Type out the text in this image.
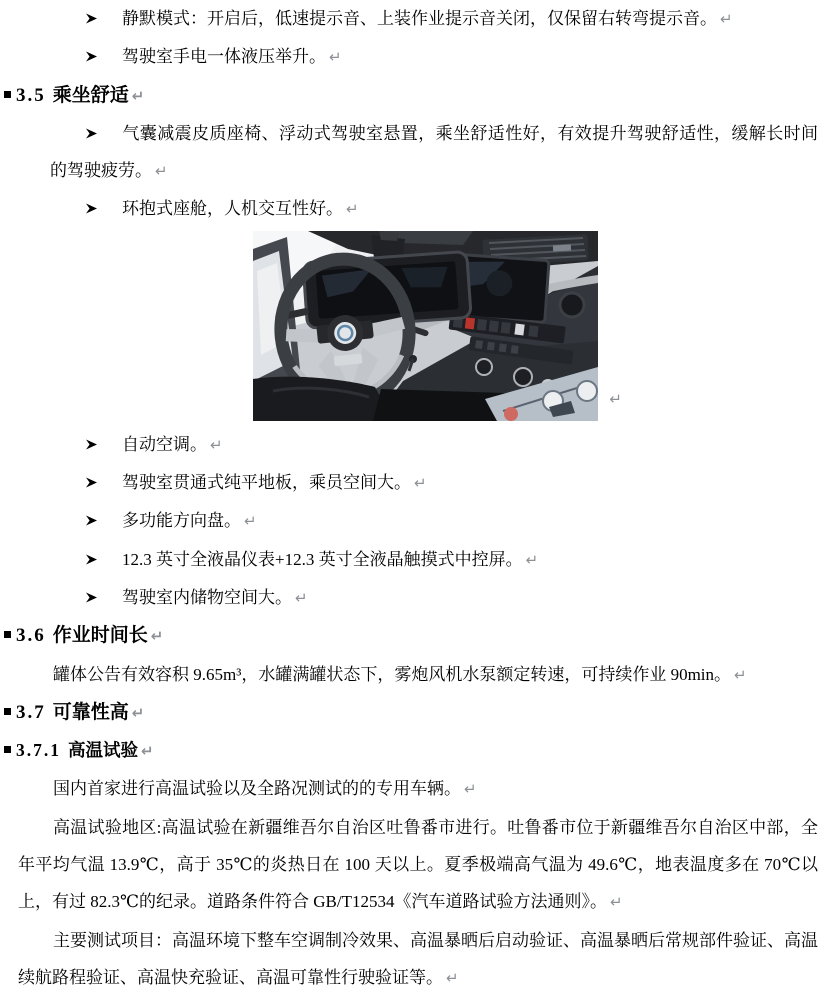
静默模式：开启后，低速提示音、上装作业提示音关闭，仅保留右转弯提示音。 ↵

驾驶室手电一体液压举升。 ↵

3.5 乘坐舒适 ↵

气囊减震皮质座椅、浮动式驾驶室悬置，乘坐舒适性好，有效提升驾驶舒适性，缓解长时间的驾驶疲劳。 ↵

环抱式座舱，人机交互性好。 ↵

↵

自动空调。 ↵

驾驶室贯通式纯平地板，乘员空间大。 ↵

多功能方向盘。 ↵

12.3 英寸全液晶仪表+12.3 英寸全液晶触摸式中控屏。 ↵

驾驶室内储物空间大。 ↵

3.6 作业时间长 ↵

罐体公告有效容积 9.65m³，水罐满罐状态下，雾炮风机水泵额定转速，可持续作业 90min。 ↵

3.7 可靠性高 ↵
3.7.1 高温试验 ↵

国内首家进行高温试验以及全路况测试的的专用车辆。 ↵

高温试验地区:高温试验在新疆维吾尔自治区吐鲁番市进行。吐鲁番市位于新疆维吾尔自治区中部，全年平均气温 13.9℃，高于 35℃的炎热日在 100 天以上。夏季极端高气温为 49.6℃，地表温度多在 70℃以上，有过 82.3℃的纪录。道路条件符合 GB/T12534《汽车道路试验方法通则》。 ↵

主要测试项目：高温环境下整车空调制冷效果、高温暴晒后启动验证、高温暴晒后常规部件验证、高温续航路程验证、高温快充验证、高温可靠性行驶验证等。 ↵
